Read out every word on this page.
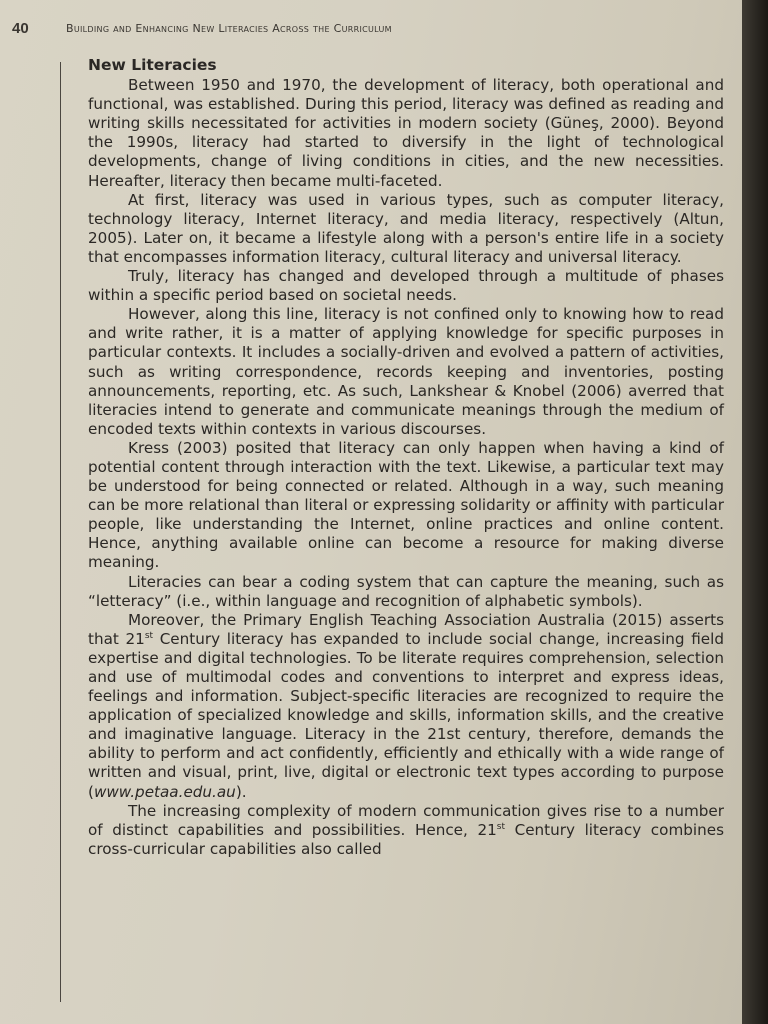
40	Building and Enhancing New Literacies Across the Curriculum
New Literacies

Between 1950 and 1970, the development of literacy, both operational and functional, was established. During this period, literacy was defined as reading and writing skills necessitated for activities in modern society (Güneş, 2000). Beyond the 1990s, literacy had started to diversify in the light of technological developments, change of living conditions in cities, and the new necessities. Hereafter, literacy then became multi-faceted.

At first, literacy was used in various types, such as computer literacy, technology literacy, Internet literacy, and media literacy, respectively (Altun, 2005). Later on, it became a lifestyle along with a person's entire life in a society that encompasses information literacy, cultural literacy and universal literacy.

Truly, literacy has changed and developed through a multitude of phases within a specific period based on societal needs.

However, along this line, literacy is not confined only to knowing how to read and write rather, it is a matter of applying knowledge for specific purposes in particular contexts. It includes a socially-driven and evolved a pattern of activities, such as writing correspondence, records keeping and inventories, posting announcements, reporting, etc. As such, Lankshear & Knobel (2006) averred that literacies intend to generate and communicate meanings through the medium of encoded texts within contexts in various discourses.

Kress (2003) posited that literacy can only happen when having a kind of potential content through interaction with the text. Likewise, a particular text may be understood for being connected or related. Although in a way, such meaning can be more relational than literal or expressing solidarity or affinity with particular people, like understanding the Internet, online practices and online content. Hence, anything available online can become a resource for making diverse meaning.

Literacies can bear a coding system that can capture the meaning, such as “letteracy” (i.e., within language and recognition of alphabetic symbols).

Moreover, the Primary English Teaching Association Australia (2015) asserts that 21st Century literacy has expanded to include social change, increasing field expertise and digital technologies. To be literate requires comprehension, selection and use of multimodal codes and conventions to interpret and express ideas, feelings and information. Subject-specific literacies are recognized to require the application of specialized knowledge and skills, information skills, and the creative and imaginative language. Literacy in the 21st century, therefore, demands the ability to perform and act confidently, efficiently and ethically with a wide range of written and visual, print, live, digital or electronic text types according to purpose (www.petaa.edu.au).

The increasing complexity of modern communication gives rise to a number of distinct capabilities and possibilities. Hence, 21st Century literacy combines cross-curricular capabilities also called
